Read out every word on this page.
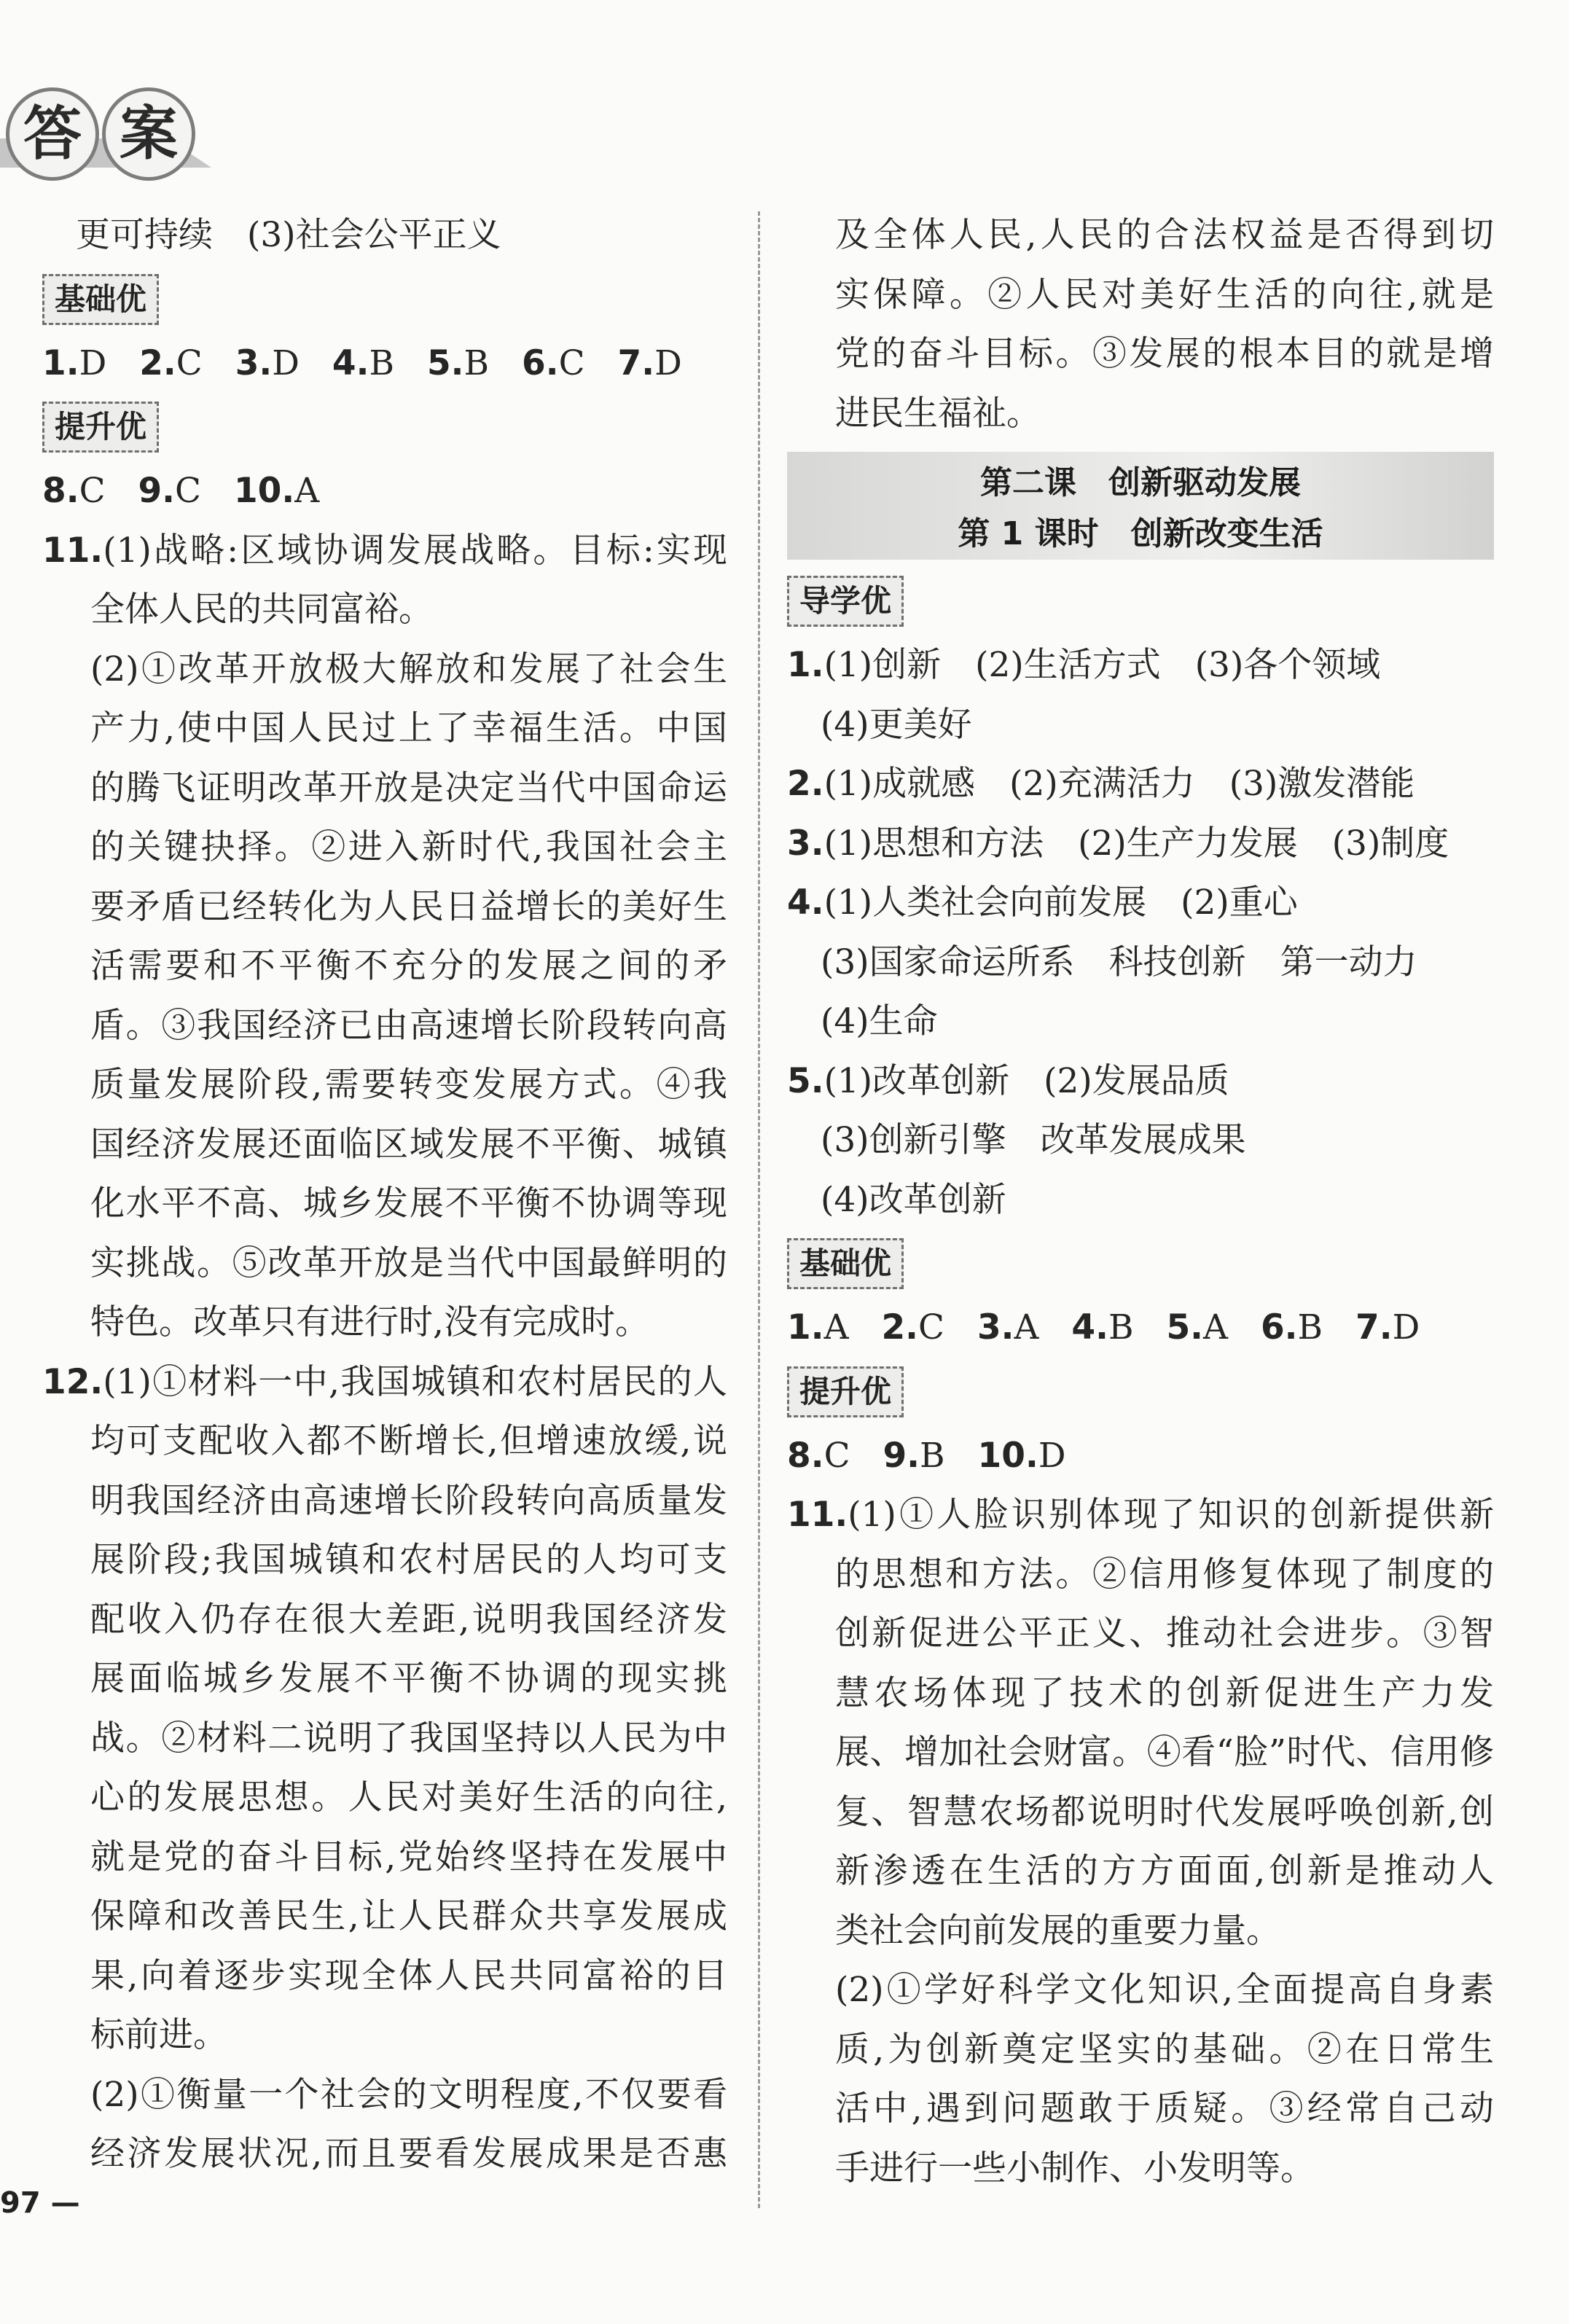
答 案
更可持续　(3)社会公平正义
基础优
1.D 2.C 3.D 4.B 5.B 6.C 7.D
提升优
8.C 9.C 10.A
11.(1)战略:区域协调发展战略。目标:实现
全体人民的共同富裕。
(2)①改革开放极大解放和发展了社会生
产力,使中国人民过上了幸福生活。中国
的腾飞证明改革开放是决定当代中国命运
的关键抉择。②进入新时代,我国社会主
要矛盾已经转化为人民日益增长的美好生
活需要和不平衡不充分的发展之间的矛
盾。③我国经济已由高速增长阶段转向高
质量发展阶段,需要转变发展方式。④我
国经济发展还面临区域发展不平衡、城镇
化水平不高、城乡发展不平衡不协调等现
实挑战。⑤改革开放是当代中国最鲜明的
特色。改革只有进行时,没有完成时。
12.(1)①材料一中,我国城镇和农村居民的人
均可支配收入都不断增长,但增速放缓,说
明我国经济由高速增长阶段转向高质量发
展阶段;我国城镇和农村居民的人均可支
配收入仍存在很大差距,说明我国经济发
展面临城乡发展不平衡不协调的现实挑
战。②材料二说明了我国坚持以人民为中
心的发展思想。人民对美好生活的向往,
就是党的奋斗目标,党始终坚持在发展中
保障和改善民生,让人民群众共享发展成
果,向着逐步实现全体人民共同富裕的目
标前进。
(2)①衡量一个社会的文明程度,不仅要看
经济发展状况,而且要看发展成果是否惠
及全体人民,人民的合法权益是否得到切
实保障。②人民对美好生活的向往,就是
党的奋斗目标。③发展的根本目的就是增
进民生福祉。
第二课　创新驱动发展
第 1 课时　创新改变生活
导学优
1.(1)创新　(2)生活方式　(3)各个领域
(4)更美好
2.(1)成就感　(2)充满活力　(3)激发潜能
3.(1)思想和方法　(2)生产力发展　(3)制度
4.(1)人类社会向前发展　(2)重心
(3)国家命运所系　科技创新　第一动力
(4)生命
5.(1)改革创新　(2)发展品质
(3)创新引擎　改革发展成果
(4)改革创新
基础优
1.A 2.C 3.A 4.B 5.A 6.B 7.D
提升优
8.C 9.B 10.D
11.(1)①人脸识别体现了知识的创新提供新
的思想和方法。②信用修复体现了制度的
创新促进公平正义、推动社会进步。③智
慧农场体现了技术的创新促进生产力发
展、增加社会财富。④看“脸”时代、信用修
复、智慧农场都说明时代发展呼唤创新,创
新渗透在生活的方方面面,创新是推动人
类社会向前发展的重要力量。
(2)①学好科学文化知识,全面提高自身素
质,为创新奠定坚实的基础。②在日常生
活中,遇到问题敢于质疑。③经常自己动
手进行一些小制作、小发明等。
97 —
